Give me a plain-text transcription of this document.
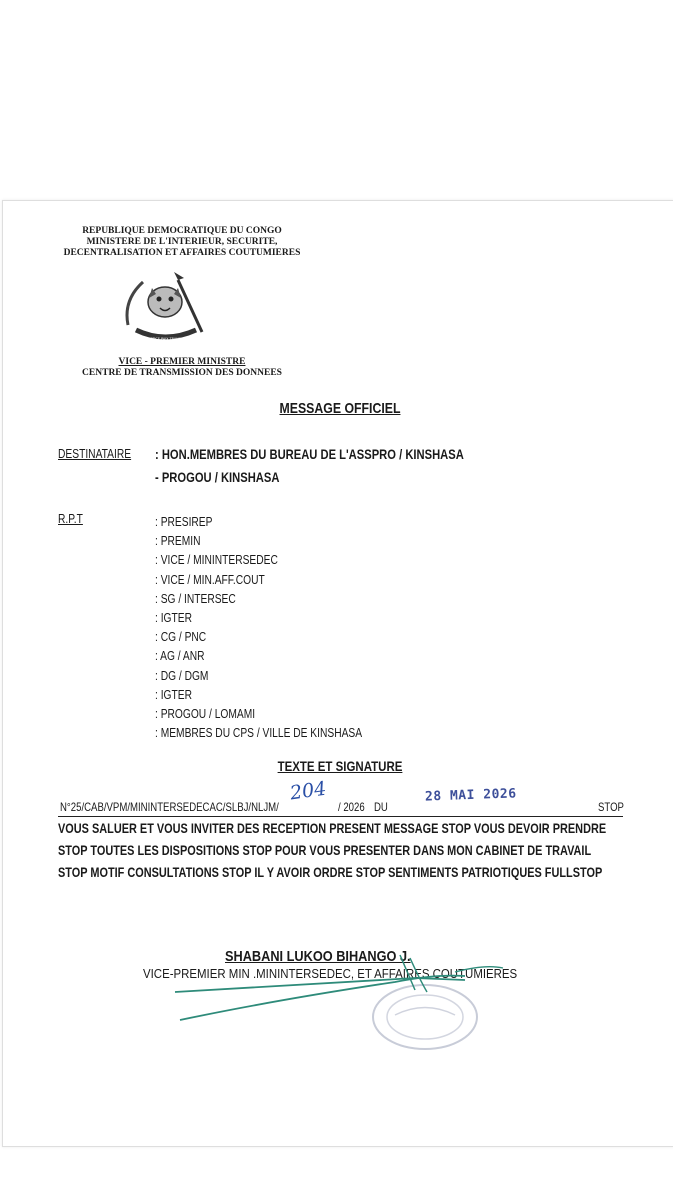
REPUBLIQUE DEMOCRATIQUE DU CONGO
MINISTERE DE L'INTERIEUR, SECURITE,
DECENTRALISATION ET AFFAIRES COUTUMIERES
JUSTICE PAIX TRAVAIL
VICE - PREMIER MINISTRE
CENTRE DE TRANSMISSION DES DONNEES
MESSAGE OFFICIEL
DESTINATAIRE : HON.MEMBRES DU BUREAU DE L'ASSPRO / KINSHASA
- PROGOU / KINSHASA
R.P.T	: PRESIREP
: PREMIN
: VICE / MININTERSEDEC
: VICE / MIN.AFF.COUT
: SG / INTERSEC
: IGTER
: CG / PNC
: AG / ANR
: DG / DGM
: IGTER
: PROGOU / LOMAMI
: MEMBRES DU CPS / VILLE DE KINSHASA
TEXTE ET SIGNATURE
N°25/CAB/VPM/MININTERSEDECAC/SLBJ/NLJM/	/ 2026 DU	STOP
204	28 MAI 2026
VOUS SALUER ET VOUS INVITER DES RECEPTION PRESENT MESSAGE STOP VOUS DEVOIR PRENDRE
STOP TOUTES LES DISPOSITIONS STOP POUR VOUS PRESENTER DANS MON CABINET DE TRAVAIL
STOP MOTIF CONSULTATIONS STOP IL Y AVOIR ORDRE STOP SENTIMENTS PATRIOTIQUES FULLSTOP
SHABANI LUKOO BIHANGO J.
VICE-PREMIER MIN .MININTERSEDEC, ET AFFAIRES COUTUMIERES
